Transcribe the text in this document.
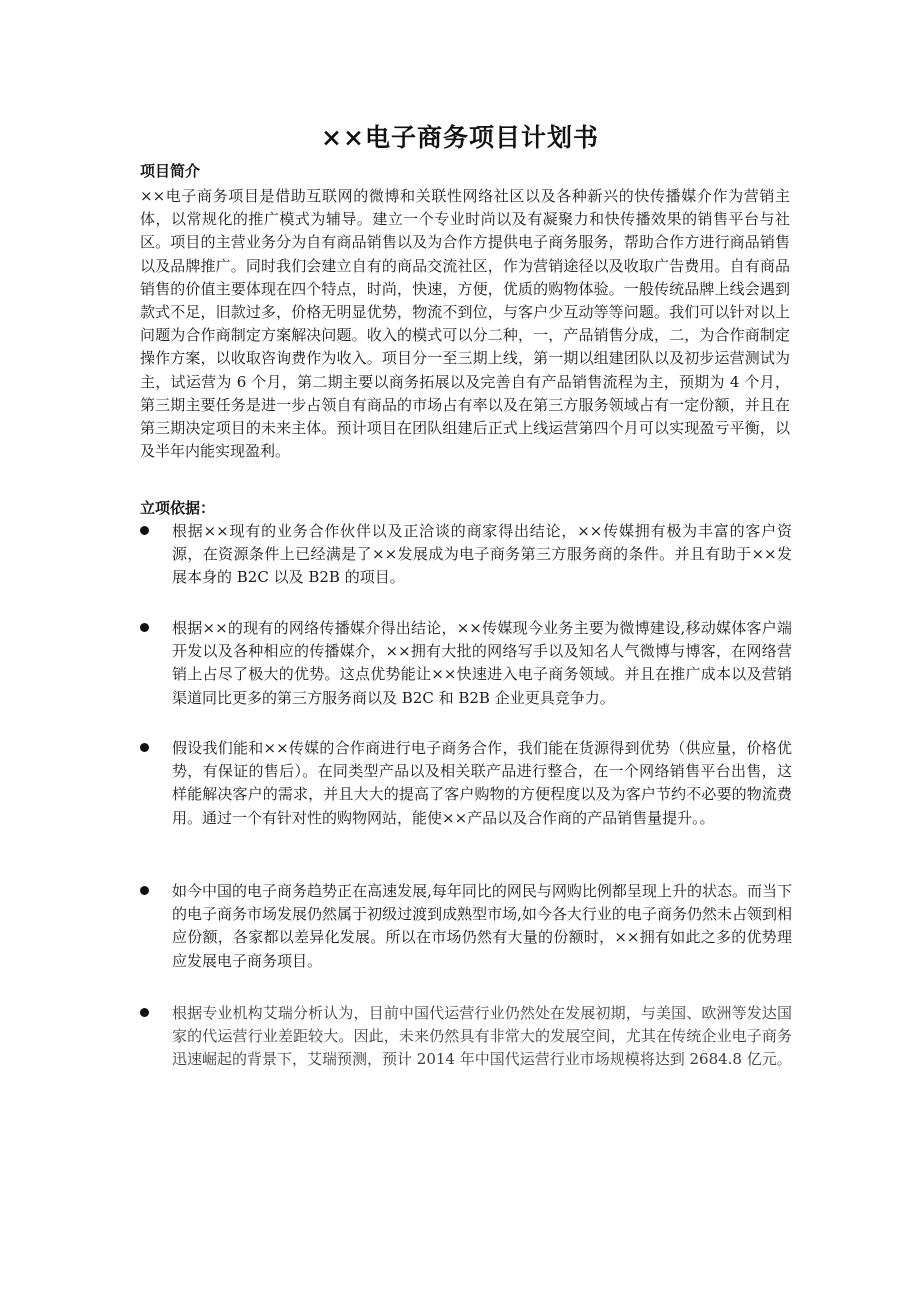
××电子商务项目计划书
项目简介
××电子商务项目是借助互联网的微博和关联性网络社区以及各种新兴的快传播媒介作为营销主体，以常规化的推广模式为辅导。建立一个专业时尚以及有凝聚力和快传播效果的销售平台与社区。项目的主营业务分为自有商品销售以及为合作方提供电子商务服务，帮助合作方进行商品销售以及品牌推广。同时我们会建立自有的商品交流社区，作为营销途径以及收取广告费用。自有商品销售的价值主要体现在四个特点，时尚，快速，方便，优质的购物体验。一般传统品牌上线会遇到款式不足，旧款过多，价格无明显优势，物流不到位，与客户少互动等等问题。我们可以针对以上问题为合作商制定方案解决问题。收入的模式可以分二种，一，产品销售分成，二，为合作商制定操作方案，以收取咨询费作为收入。项目分一至三期上线，第一期以组建团队以及初步运营测试为主，试运营为 6 个月，第二期主要以商务拓展以及完善自有产品销售流程为主，预期为 4 个月，第三期主要任务是进一步占领自有商品的市场占有率以及在第三方服务领域占有一定份额，并且在第三期决定项目的未来主体。预计项目在团队组建后正式上线运营第四个月可以实现盈亏平衡，以及半年内能实现盈利。
立项依据：
根据××现有的业务合作伙伴以及正洽谈的商家得出结论，××传媒拥有极为丰富的客户资源，在资源条件上已经满是了××发展成为电子商务第三方服务商的条件。并且有助于××发展本身的 B2C 以及 B2B 的项目。
根据××的现有的网络传播媒介得出结论，××传媒现今业务主要为微博建设,移动媒体客户端开发以及各种相应的传播媒介，××拥有大批的网络写手以及知名人气微博与博客，在网络营销上占尽了极大的优势。这点优势能让××快速进入电子商务领域。并且在推广成本以及营销渠道同比更多的第三方服务商以及 B2C 和 B2B 企业更具竞争力。
假设我们能和××传媒的合作商进行电子商务合作，我们能在货源得到优势（供应量，价格优势，有保证的售后）。在同类型产品以及相关联产品进行整合，在一个网络销售平台出售，这样能解决客户的需求，并且大大的提高了客户购物的方便程度以及为客户节约不必要的物流费用。通过一个有针对性的购物网站，能使××产品以及合作商的产品销售量提升。。
如今中国的电子商务趋势正在高速发展,每年同比的网民与网购比例都呈现上升的状态。而当下的电子商务市场发展仍然属于初级过渡到成熟型市场,如今各大行业的电子商务仍然未占领到相应份额，各家都以差异化发展。所以在市场仍然有大量的份额时，××拥有如此之多的优势理应发展电子商务项目。
根据专业机构艾瑞分析认为，目前中国代运营行业仍然处在发展初期，与美国、欧洲等发达国家的代运营行业差距较大。因此，未来仍然具有非常大的发展空间，尤其在传统企业电子商务迅速崛起的背景下，艾瑞预测，预计 2014 年中国代运营行业市场规模将达到 2684.8 亿元。
